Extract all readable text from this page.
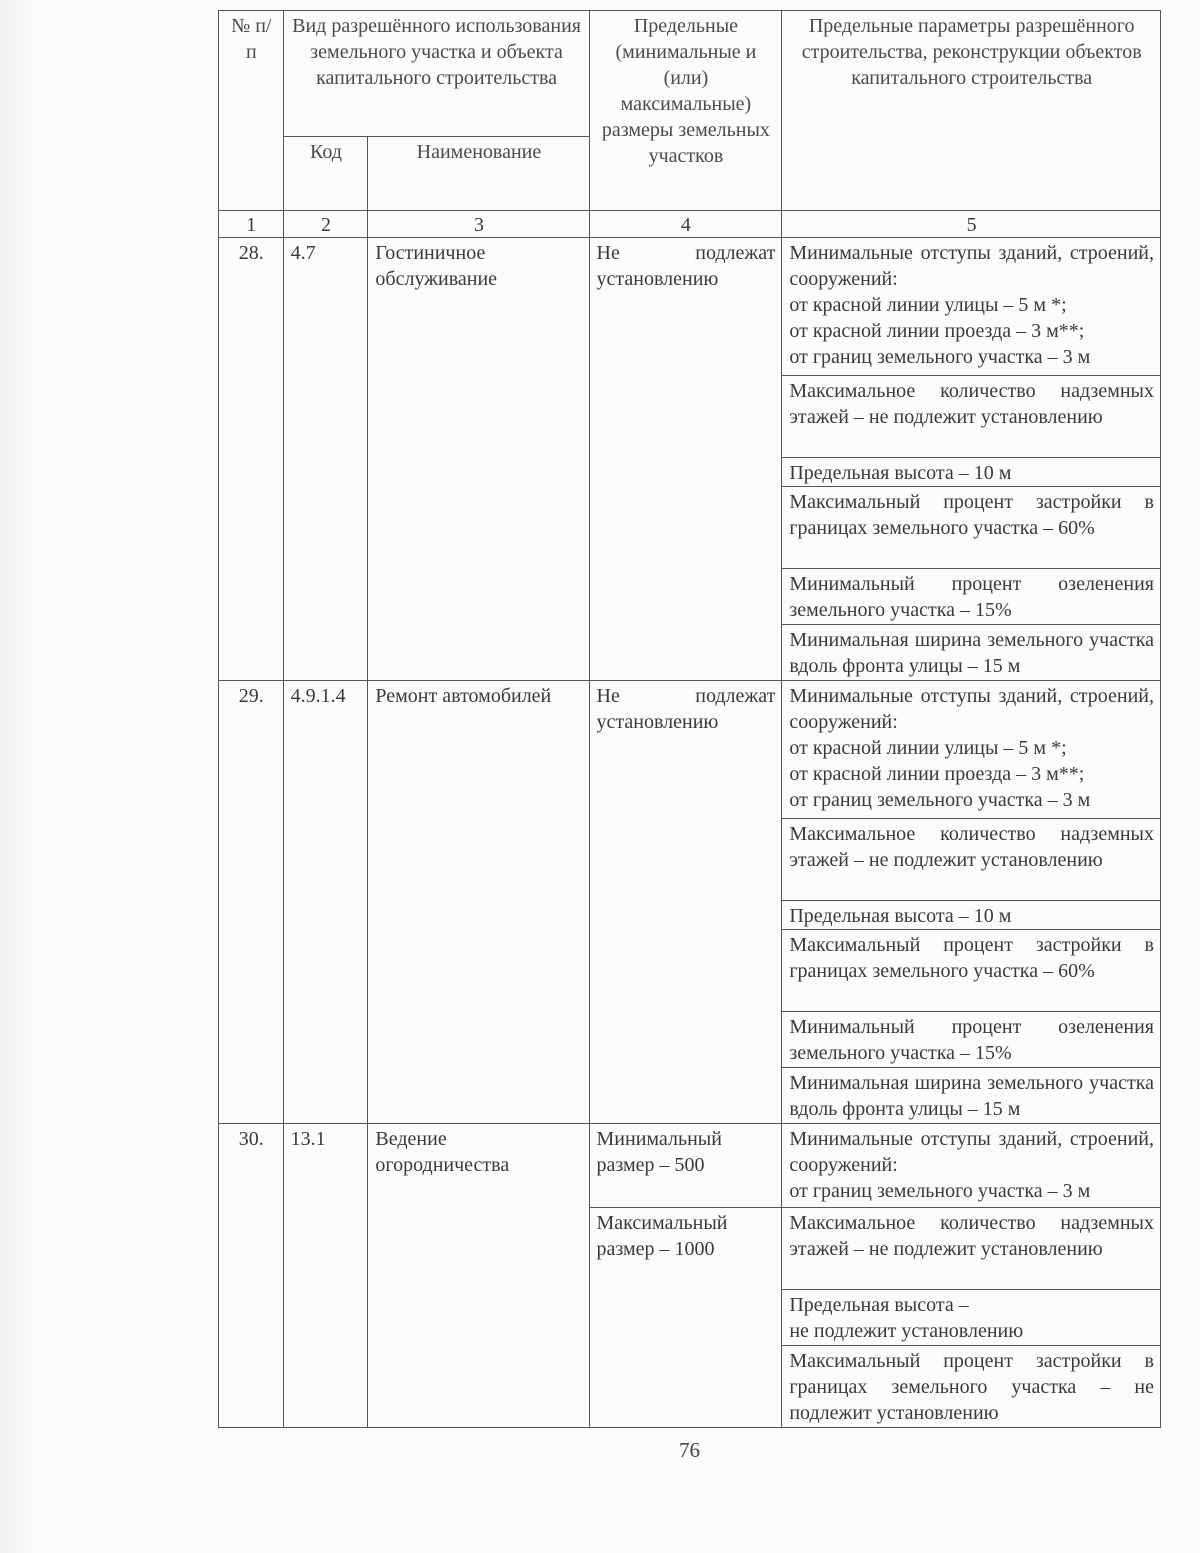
№ п/п	Вид разрешённого использования земельного участка и объекта капитального строительства		Предельные (минимальные и (или) максимальные) размеры земельных участков	Предельные параметры разрешённого строительства, реконструкции объектов капитального строительства
	Код	Наименование		
1	2	3	4	5
28.	4.7	Гостиничное обслуживание	Не подлежат установлению	Минимальные отступы зданий, строений, сооружений:
от красной линии улицы – 5 м *;
от красной линии проезда – 3 м**;
от границ земельного участка – 3 м

				Максимальное количество надземных этажей – не подлежит установлению

				Предельная высота – 10 м

				Максимальный процент застройки в границах земельного участка – 60%

				Минимальный процент озеленения земельного участка – 15%

				Минимальная ширина земельного участка вдоль фронта улицы – 15 м

29.	4.9.1.4	Ремонт автомобилей	Не подлежат установлению	Минимальные отступы зданий, строений, сооружений:
от красной линии улицы – 5 м *;
от красной линии проезда – 3 м**;
от границ земельного участка – 3 м

				Максимальное количество надземных этажей – не подлежит установлению

				Предельная высота – 10 м

				Максимальный процент застройки в границах земельного участка – 60%

				Минимальный процент озеленения земельного участка – 15%

				Минимальная ширина земельного участка вдоль фронта улицы – 15 м

30.	13.1	Ведение огородничества	Минимальный размер – 500	Минимальные отступы зданий, строений, сооружений:
от границ земельного участка – 3 м

			Максимальный размер – 1000	Максимальное количество надземных этажей – не подлежит установлению

				Предельная высота –
не подлежит установлению

				Максимальный процент застройки в границах земельного участка – не подлежит установлению
76
